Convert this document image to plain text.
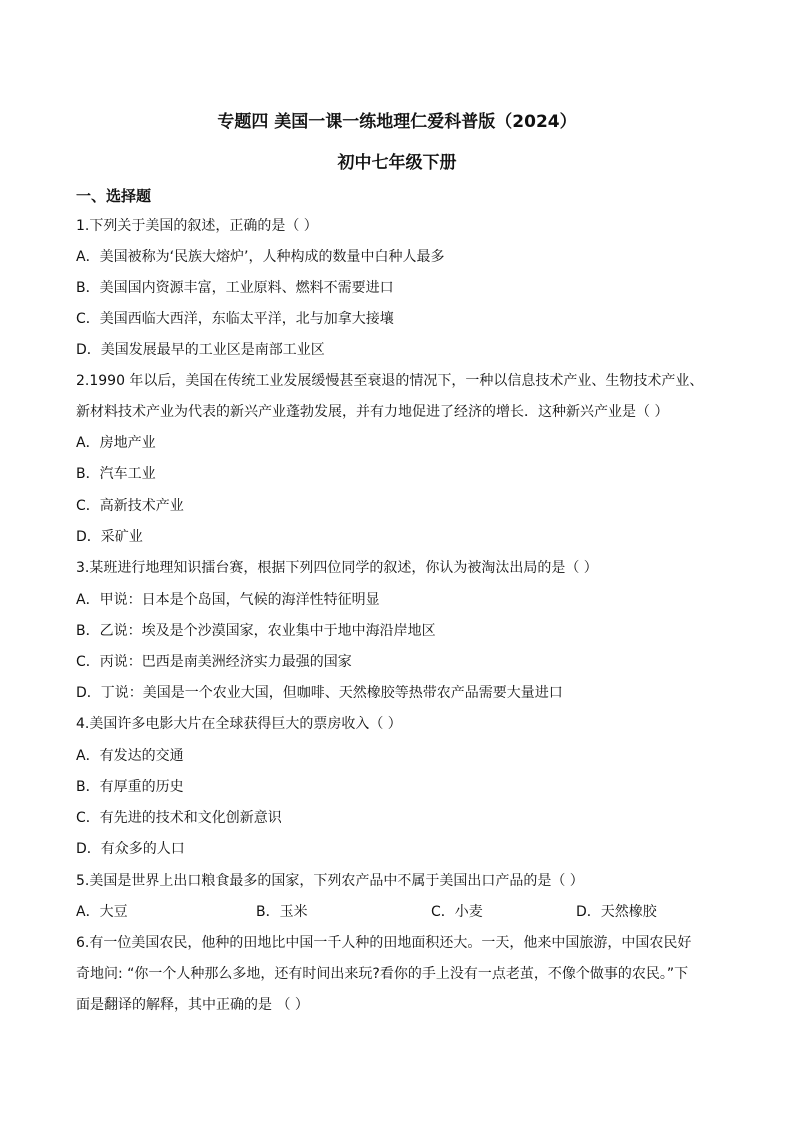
专题四 美国一课一练地理仁爱科普版（2024）
初中七年级下册
一、选择题
1.下列关于美国的叙述，正确的是（ ）
A．美国被称为‘民族大熔炉’，人种构成的数量中白种人最多
B．美国国内资源丰富，工业原料、燃料不需要进口
C．美国西临大西洋，东临太平洋，北与加拿大接壤
D．美国发展最早的工业区是南部工业区
2.1990 年以后，美国在传统工业发展缓慢甚至衰退的情况下，一种以信息技术产业、生物技术产业、
新材料技术产业为代表的新兴产业蓬勃发展，并有力地促进了经济的增长．这种新兴产业是（ ）
A．房地产业
B．汽车工业
C．高新技术产业
D．采矿业
3.某班进行地理知识擂台赛，根据下列四位同学的叙述，你认为被淘汰出局的是（ ）
A．甲说：日本是个岛国，气候的海洋性特征明显
B．乙说：埃及是个沙漠国家，农业集中于地中海沿岸地区
C．丙说：巴西是南美洲经济实力最强的国家
D．丁说：美国是一个农业大国，但咖啡、天然橡胶等热带农产品需要大量进口
4.美国许多电影大片在全球获得巨大的票房收入（ ）
A．有发达的交通
B．有厚重的历史
C．有先进的技术和文化创新意识
D．有众多的人口
5.美国是世界上出口粮食最多的国家，下列农产品中不属于美国出口产品的是（ ）
A．大豆	B．玉米	C．小麦	D．天然橡胶
6.有一位美国农民，他种的田地比中国一千人种的田地面积还大。一天，他来中国旅游，中国农民好
奇地问: “你一个人种那么多地，还有时间出来玩?看你的手上没有一点老茧，不像个做事的农民。”下
面是翻译的解释，其中正确的是 （ ）
